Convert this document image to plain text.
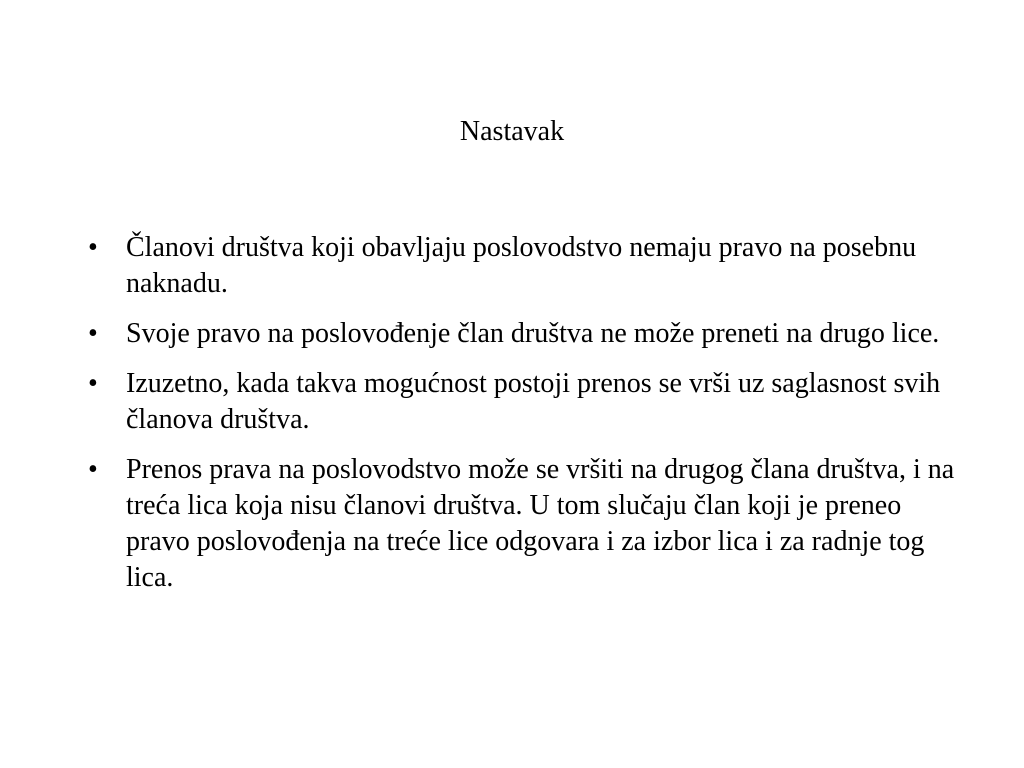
Nastavak
•	Članovi društva koji obavljaju poslovodstvo nemaju pravo na posebnu naknadu.
•	Svoje pravo na poslovođenje član društva ne može preneti na drugo lice.
•	Izuzetno, kada takva mogućnost postoji prenos se vrši uz saglasnost svih članova društva.
•	Prenos prava na poslovodstvo može se vršiti na drugog člana društva, i na treća lica koja nisu članovi društva. U tom slučaju član koji je preneo pravo poslovođenja na treće lice odgovara i za izbor lica i za radnje tog lica.
